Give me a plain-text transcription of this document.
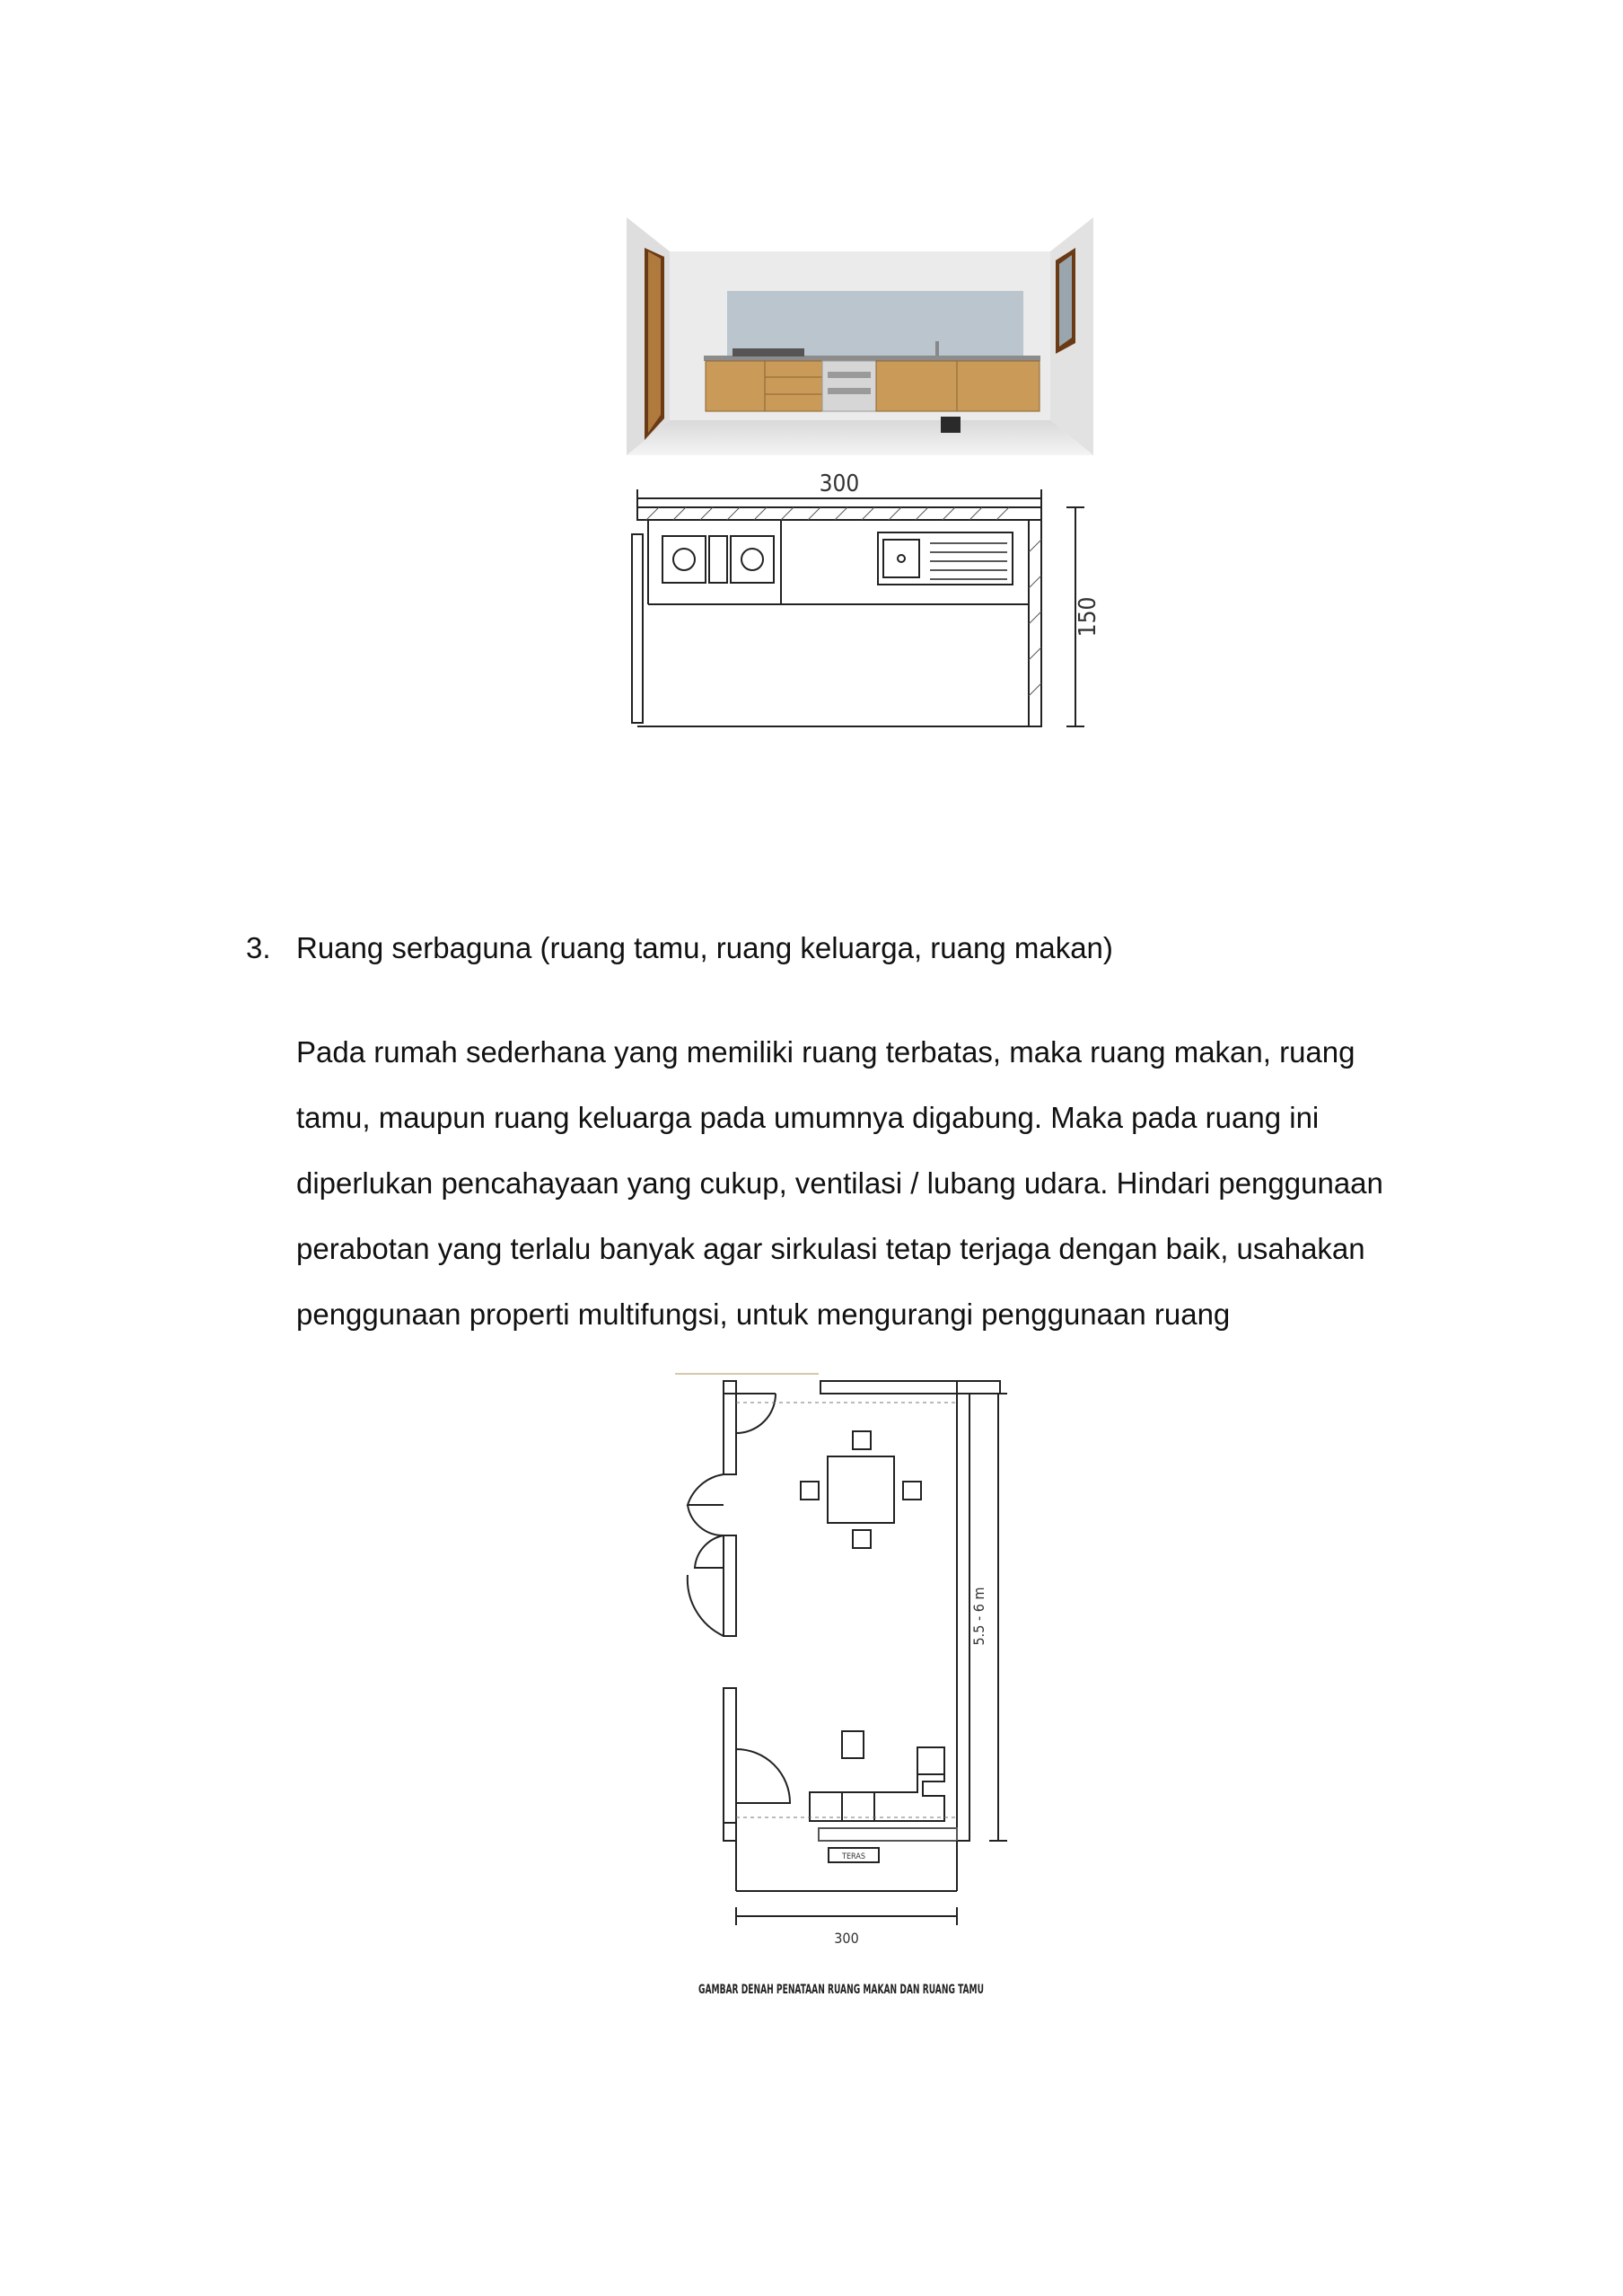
300
150
3. Ruang serbaguna (ruang tamu, ruang keluarga, ruang makan)
Pada rumah sederhana yang memiliki ruang terbatas, maka ruang makan, ruang
tamu, maupun ruang keluarga pada umumnya digabung. Maka pada ruang ini
diperlukan pencahayaan yang cukup, ventilasi / lubang udara. Hindari penggunaan
perabotan yang terlalu banyak agar sirkulasi tetap terjaga dengan baik, usahakan
penggunaan properti multifungsi, untuk mengurangi penggunaan ruang
5.5 - 6 m
TERAS
300
GAMBAR DENAH PENATAAN RUANG MAKAN DAN RUANG TAMU
